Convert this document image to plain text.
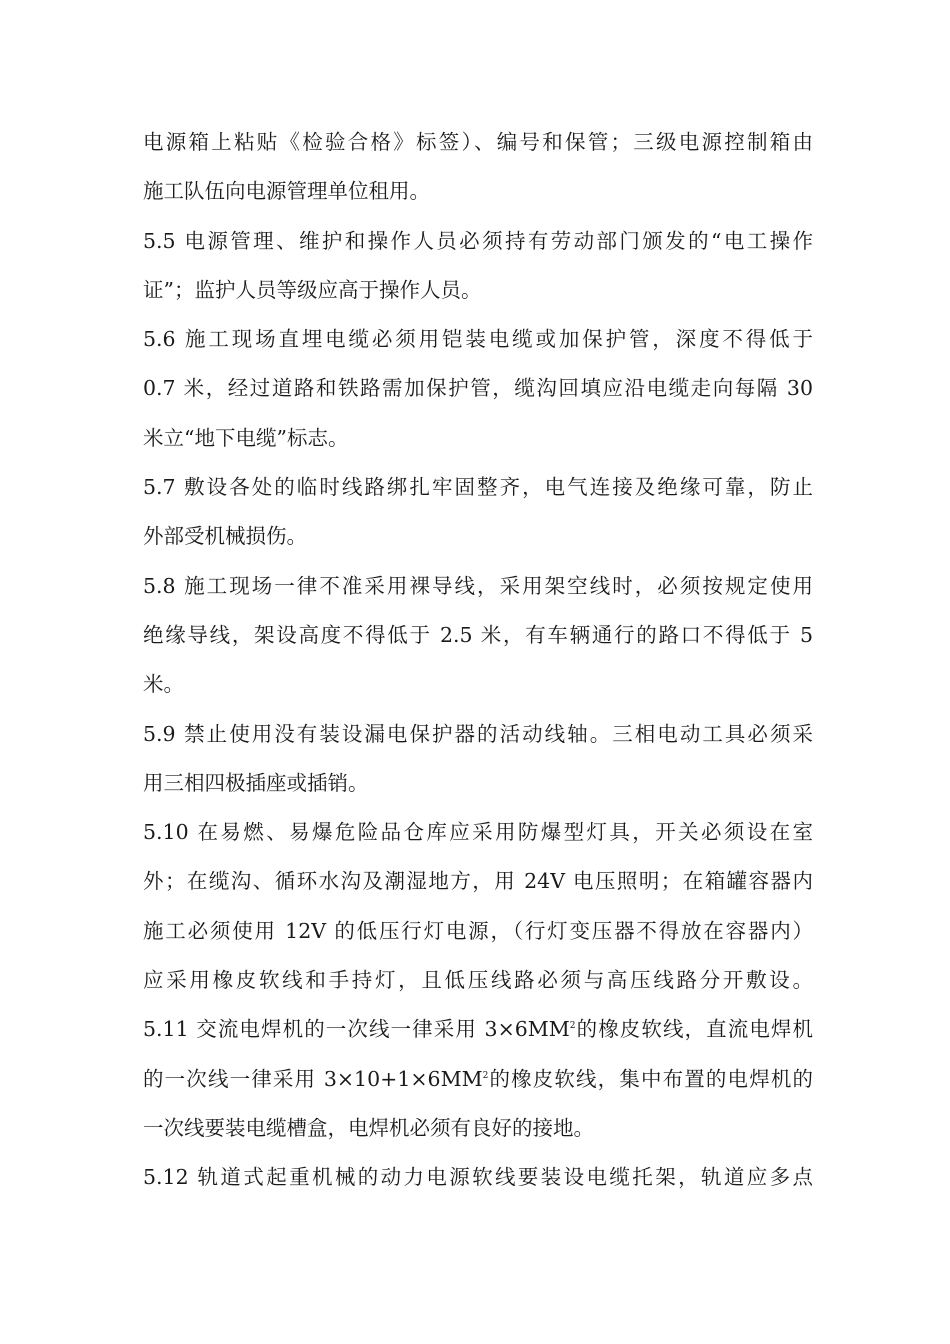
电源箱上粘贴《检验合格》标签）、编号和保管；三级电源控制箱由
施工队伍向电源管理单位租用。
5.5 电源管理、维护和操作人员必须持有劳动部门颁发的“电工操作
证”；监护人员等级应高于操作人员。
5.6 施工现场直埋电缆必须用铠装电缆或加保护管，深度不得低于
0.7 米，经过道路和铁路需加保护管，缆沟回填应沿电缆走向每隔 30
米立“地下电缆”标志。
5.7 敷设各处的临时线路绑扎牢固整齐，电气连接及绝缘可靠，防止
外部受机械损伤。
5.8 施工现场一律不准采用裸导线，采用架空线时，必须按规定使用
绝缘导线，架设高度不得低于 2.5 米，有车辆通行的路口不得低于 5
米。
5.9 禁止使用没有装设漏电保护器的活动线轴。三相电动工具必须采
用三相四极插座或插销。
5.10 在易燃、易爆危险品仓库应采用防爆型灯具，开关必须设在室
外；在缆沟、循环水沟及潮湿地方，用 24V 电压照明；在箱罐容器内
施工必须使用 12V 的低压行灯电源，（行灯变压器不得放在容器内）
应采用橡皮软线和手持灯，且低压线路必须与高压线路分开敷设。
5.11 交流电焊机的一次线一律采用 $3\times 6MM^2$的橡皮软线，直流电焊机
的一次线一律采用 $3\times 10+1\times 6MM^2$的橡皮软线，集中布置的电焊机的
一次线要装电缆槽盒，电焊机必须有良好的接地。
5.12 轨道式起重机械的动力电源软线要装设电缆托架，轨道应多点
